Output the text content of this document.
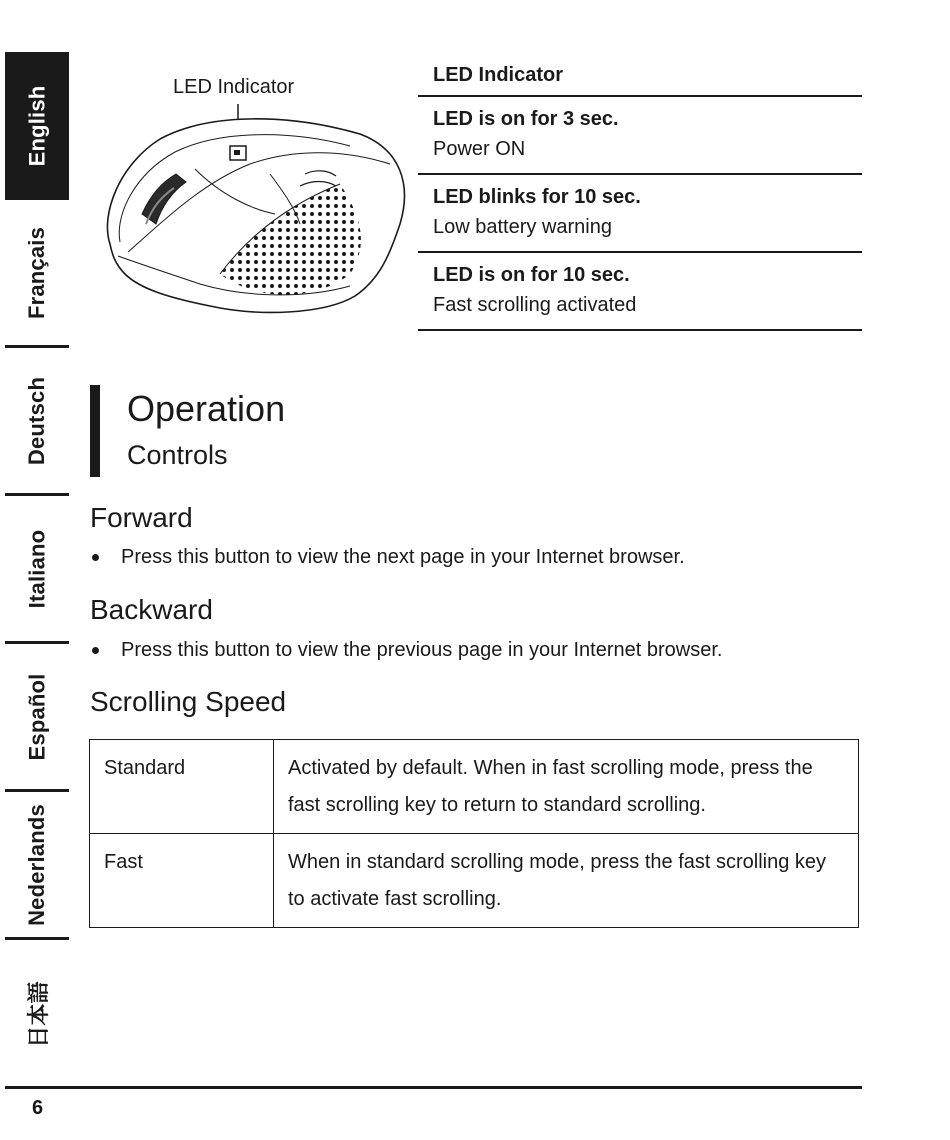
English
Français
Deutsch
Italiano
Español
Nederlands
日本語
LED Indicator
LED Indicator
LED is on for 3 sec.
Power ON
LED blinks for 10 sec.
Low battery warning
LED is on for 10 sec.
Fast scrolling activated
Operation
Controls
Forward
Press this button to view the next page in your Internet browser.
Backward
Press this button to view the previous page in your Internet browser.
Scrolling Speed
Standard	Activated by default. When in fast scrolling mode, press the fast scrolling key to return to standard scrolling.
Fast	When in standard scrolling mode, press the fast scrolling key to activate fast scrolling.
6
